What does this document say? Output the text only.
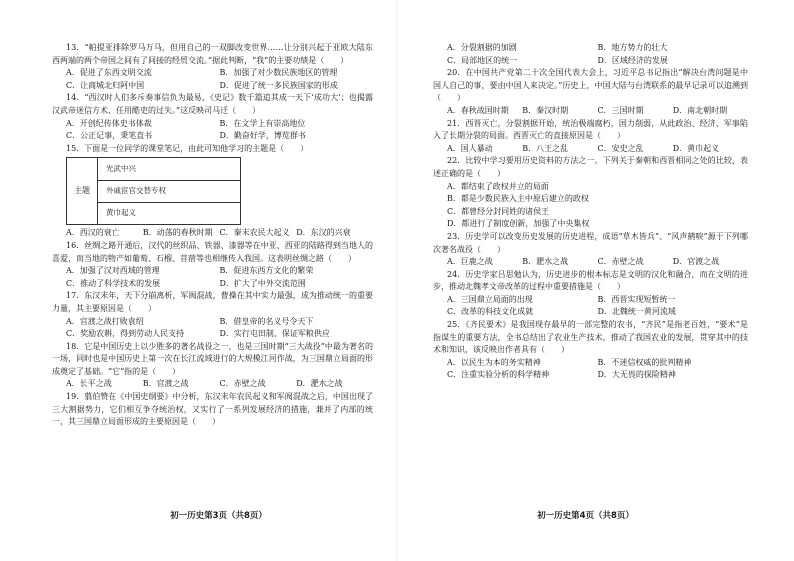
13．“帕提亚排除罗马万马，但用自己的一双脚改变世界……让分别兴起于亚欧大陆东西两端的两个帝国之间有了间接的经贸交流。”据此判断，“我”的主要功绩是（　　）

A．促进了东西文明交流	B．加强了对少数民族地区的管理
C．让商城北归阿中国	D．促进了统一多民族国家的形成

14．“西汉时人们多斥奏事信负为最易，《史记》数千篇追其成一天下‘成功大’；也揭露汉武帝迷信方术、任用酷吏的过失。”这反映司马迁（　　）

A．开创纪传体史书体裁	B．在文学上有崇高地位
C．公正记事，秉笔直书	D．勤奋好学，博览群书

15．下面是一位同学的课堂笔记，由此可知他学习的主题是（　　）

主题
光武中兴
外戚宦官交替专权
黄巾起义
A．西汉的衰亡	B．动荡的春秋时期 C．秦末农民大起义 D．东汉的兴衰

16．丝绸之路开通后，汉代的丝织品、铁器、漆器等在中亚、西亚的陆路得到当地人的喜爱，而当地的物产如葡萄、石榴、苜蓿等也相继传入我国。这表明丝绸之路（　　）

A．加强了汉对西域的管理	B．促进东西方文化的繁荣
C．推动了科学技术的发展	D．扩大了中外交流范围

17．东汉末年，天下分崩离析，军阀混战，曹操在其中实力最强，成为推动统一的重要力量，其主要原因是（　　）

A．官渡之战打败袁绍	B．借皇帝的名义号令天下
C．奖励农耕，得到劳动人民支持	D．实行屯田制，保证军粮供应

18．它是中国历史上以少胜多的著名战役之一，也是三国时期“三大战役”中最为著名的一场，同时也是中国历史上第一次在长江流域进行的大规模江河作战，为三国鼎立局面的形成奠定了基础。“它”指的是（　　）

A．长平之战	B．官渡之战	C．赤壁之战	D．淝水之战

19．翦伯赞在《中国史纲要》中分析，东汉末年农民起义和军阀混战之后，中国出现了三大割据势力，它们相互争夺统治权，又实行了一系列发展经济的措施，兼并了内部的统一，其三国鼎立局面形成的主要原因是（　　）

初一历史第3页（共8页）
A．分裂割据的加剧	B．地方势力的壮大
C．局部地区的统一	D．区域经济的发展

20．在中国共产党第二十次全国代表大会上，习近平总书记指出“解决台湾问题是中国人自己的事，要由中国人来决定。”历史上，中国大陆与台湾联系的最早记录可以追溯到（　　）

A．春秋战国时期	B．秦汉时期	C．三国时期	D．南北朝时期

21．西晋灭亡，分裂割据开始，统治极端腐朽，国力削弱，从此政治、经济、军事陷入了长期分裂的局面。西晋灭亡的直接原因是（　　）

A．国人暴动	B．八王之乱	C．安史之乱	D．黄巾起义

22．比较中学习要用历史资料的方法之一。下列关于秦朝和西晋相同之处的比较，表述正确的是（　　）

A．都结束了政权并立的局面
B．都是少数民族入主中原后建立的政权
C．都曾经分封同姓的诸侯王
D．都进行了制度创新，加强了中央集权

23．历史学可以改变历史发展的历史进程，成语“草木皆兵”、“风声鹤唳”源于下列哪次著名战役（　　）

A．巨鹿之战	B．淝水之战	C．赤壁之战	D．官渡之战

24．历史学家吕思勉认为，历史进步的根本标志是文明的汉化和融合，而在文明的进步，推动北魏孝文帝改革的过程中重要措施是（　　）

A．三国鼎立局面的出现	B．西晋实现短暂统一
C．改革的科技文化成就	D．北魏统一黄河流域

25．《齐民要术》是我国现存最早的一部完整的农书，“齐民”是指老百姓，“要术”是指谋生的重要方法，全书总结出了农业生产技术，推动了我国农业的发展，贯穿其中的技术和知识，该反映出作者具有（　　）

A．以民生为本的务实精神	B．不迷信权威的批判精神
C．注重实验分析的科学精神	D．大无畏的探险精神
初一历史第4页（共8页）
